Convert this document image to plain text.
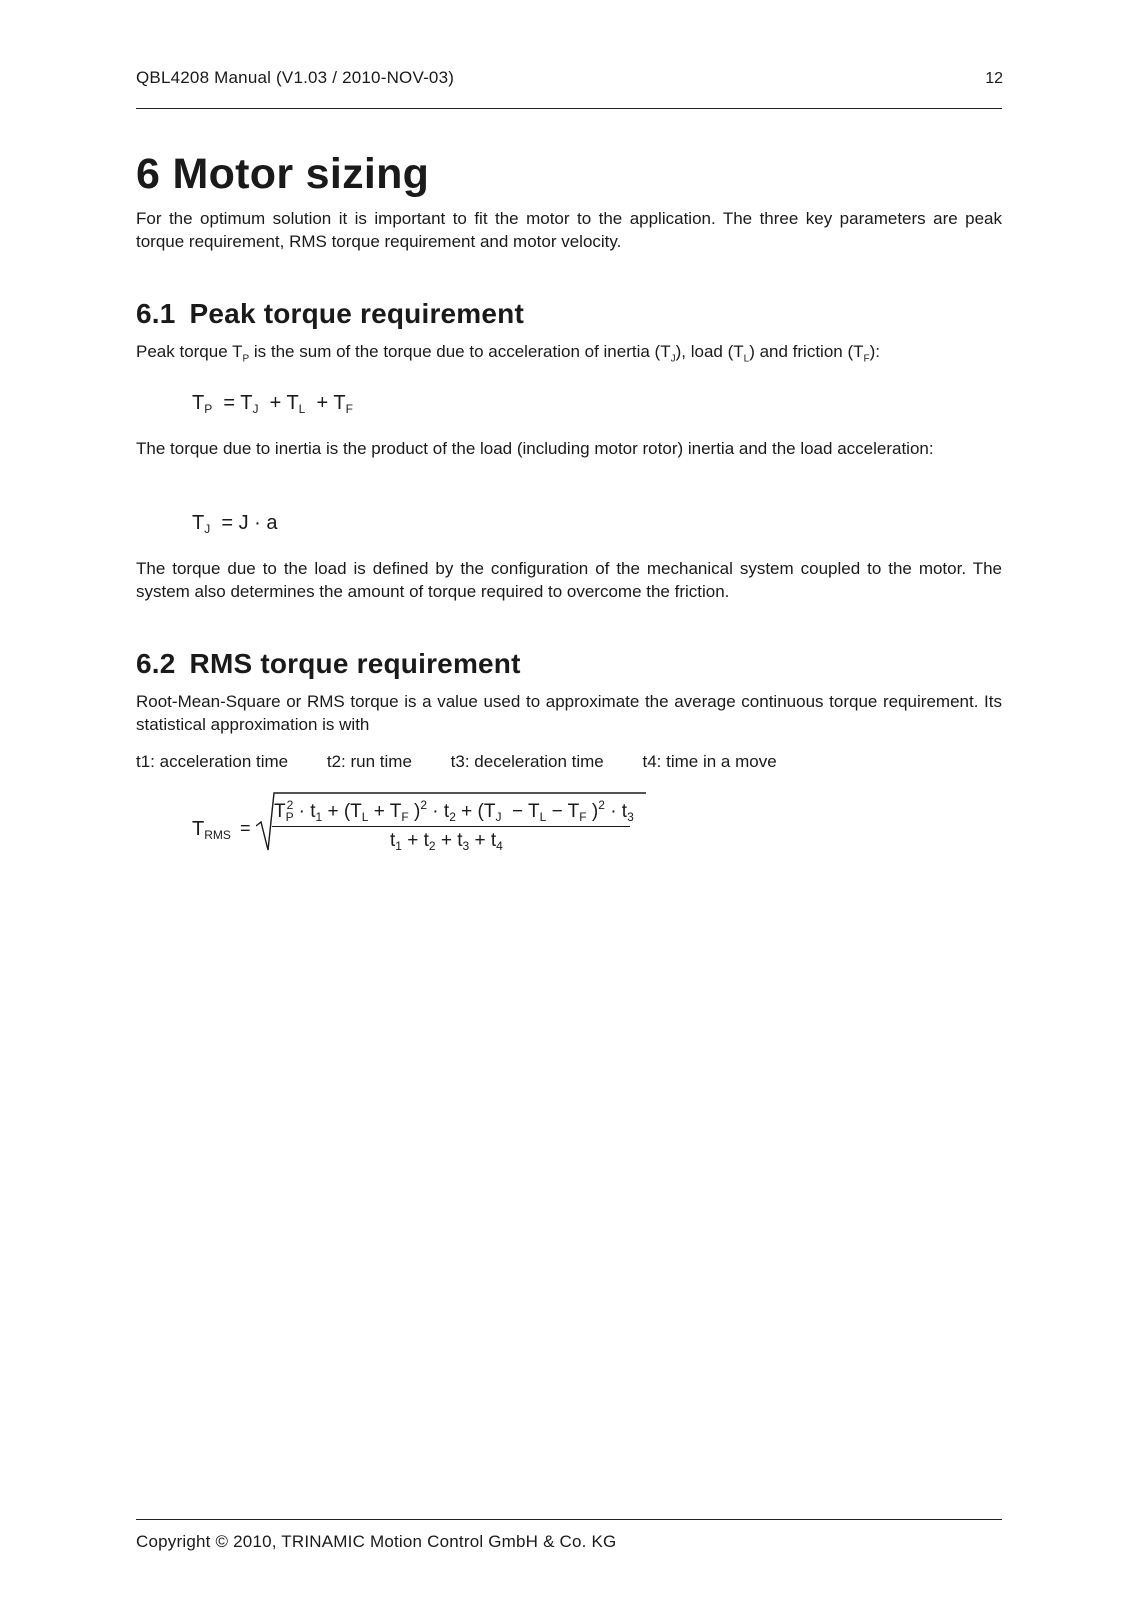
QBL4208 Manual (V1.03 / 2010-NOV-03)	12
6 Motor sizing

For the optimum solution it is important to fit the motor to the application. The three key parameters are peak torque requirement, RMS torque requirement and motor velocity.

6.1 Peak torque requirement

Peak torque $T_P$ is the sum of the torque due to acceleration of inertia $(T_J)$, load $(T_L)$ and friction $(T_F)$:

$T_P = T_J + T_L + T_F$

The torque due to inertia is the product of the load (including motor rotor) inertia and the load acceleration:

$T_J = J \cdot a$

The torque due to the load is defined by the configuration of the mechanical system coupled to the motor. The system also determines the amount of torque required to overcome the friction.

6.2 RMS torque requirement

Root-Mean-Square or RMS torque is a value used to approximate the average continuous torque requirement. Its statistical approximation is with

t1: acceleration time t2: run time t3: deceleration time t4: time in a move
$T_{RMS}$ =
$T_P^2 \cdot t_1 + (T_L + T_F$ )$^2 \cdot t_2 + (T_J - T_L - T_F$ )$^2 \cdot t_3$
$t_1 + t_2 + t_3 + t_4$
Copyright © 2010, TRINAMIC Motion Control GmbH & Co. KG
